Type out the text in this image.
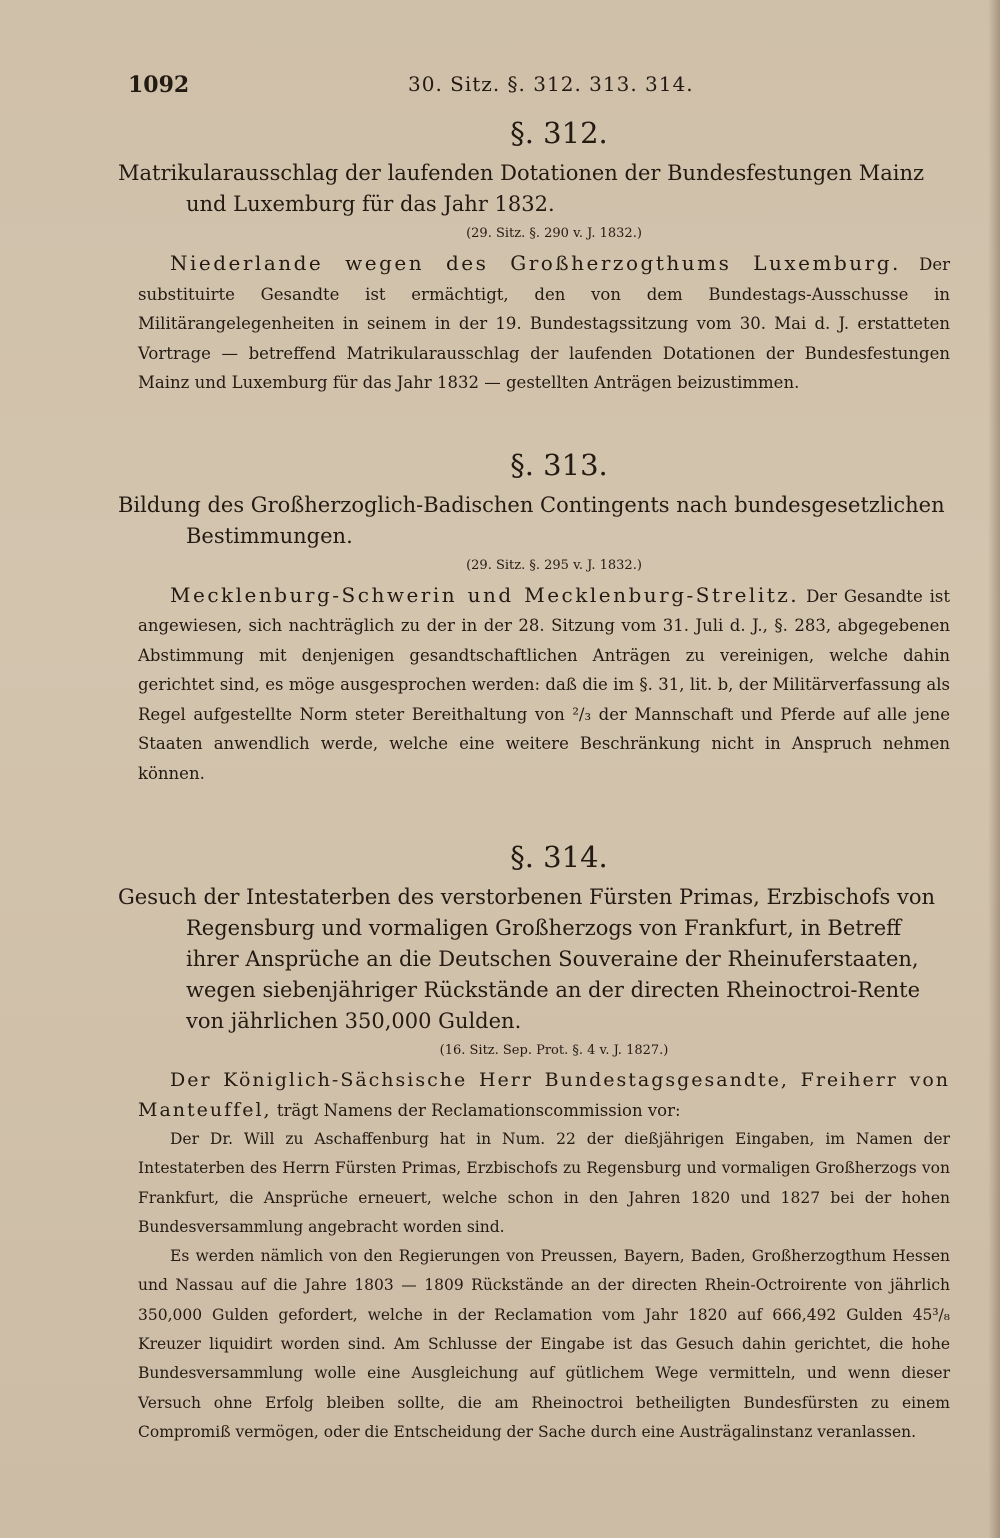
1092	30. Sitz. §. 312. 313. 314.
§. 312.

Matrikularausschlag der laufenden Dotationen der Bundesfestungen Mainz und Luxemburg für das Jahr 1832.

(29. Sitz. §. 290 v. J. 1832.)

Niederlande wegen des Großherzogthums Luxemburg. Der substituirte Gesandte ist ermächtigt, den von dem Bundestags-Ausschusse in Militärangelegenheiten in seinem in der 19. Bundestagssitzung vom 30. Mai d. J. erstatteten Vortrage — betreffend Matrikularausschlag der laufenden Dotationen der Bundesfestungen Mainz und Luxemburg für das Jahr 1832 — gestellten Anträgen beizustimmen.

§. 313.

Bildung des Großherzoglich-Badischen Contingents nach bundesgesetzlichen Bestimmungen.

(29. Sitz. §. 295 v. J. 1832.)

Mecklenburg-Schwerin und Mecklenburg-Strelitz. Der Gesandte ist angewiesen, sich nachträglich zu der in der 28. Sitzung vom 31. Juli d. J., §. 283, abgegebenen Abstimmung mit denjenigen gesandtschaftlichen Anträgen zu vereinigen, welche dahin gerichtet sind, es möge ausgesprochen werden: daß die im §. 31, lit. b, der Militärverfassung als Regel aufgestellte Norm steter Bereithaltung von ²/₃ der Mannschaft und Pferde auf alle jene Staaten anwendlich werde, welche eine weitere Beschränkung nicht in Anspruch nehmen können.

§. 314.

Gesuch der Intestaterben des verstorbenen Fürsten Primas, Erzbischofs von Regensburg und vormaligen Großherzogs von Frankfurt, in Betreff ihrer Ansprüche an die Deutschen Souveraine der Rheinuferstaaten, wegen siebenjähriger Rückstände an der directen Rheinoctroi-Rente von jährlichen 350,000 Gulden.

(16. Sitz. Sep. Prot. §. 4 v. J. 1827.)

Der Königlich-Sächsische Herr Bundestagsgesandte, Freiherr von Manteuffel, trägt Namens der Reclamationscommission vor:

Der Dr. Will zu Aschaffenburg hat in Num. 22 der dießjährigen Eingaben, im Namen der Intestaterben des Herrn Fürsten Primas, Erzbischofs zu Regensburg und vormaligen Großherzogs von Frankfurt, die Ansprüche erneuert, welche schon in den Jahren 1820 und 1827 bei der hohen Bundesversammlung angebracht worden sind.

Es werden nämlich von den Regierungen von Preussen, Bayern, Baden, Großherzogthum Hessen und Nassau auf die Jahre 1803 — 1809 Rückstände an der directen Rhein-Octroirente von jährlich 350,000 Gulden gefordert, welche in der Reclamation vom Jahr 1820 auf 666,492 Gulden 45³/₈ Kreuzer liquidirt worden sind. Am Schlusse der Eingabe ist das Gesuch dahin gerichtet, die hohe Bundesversammlung wolle eine Ausgleichung auf gütlichem Wege vermitteln, und wenn dieser Versuch ohne Erfolg bleiben sollte, die am Rheinoctroi betheiligten Bundesfürsten zu einem Compromiß vermögen, oder die Entscheidung der Sache durch eine Austrägalinstanz veranlassen.
